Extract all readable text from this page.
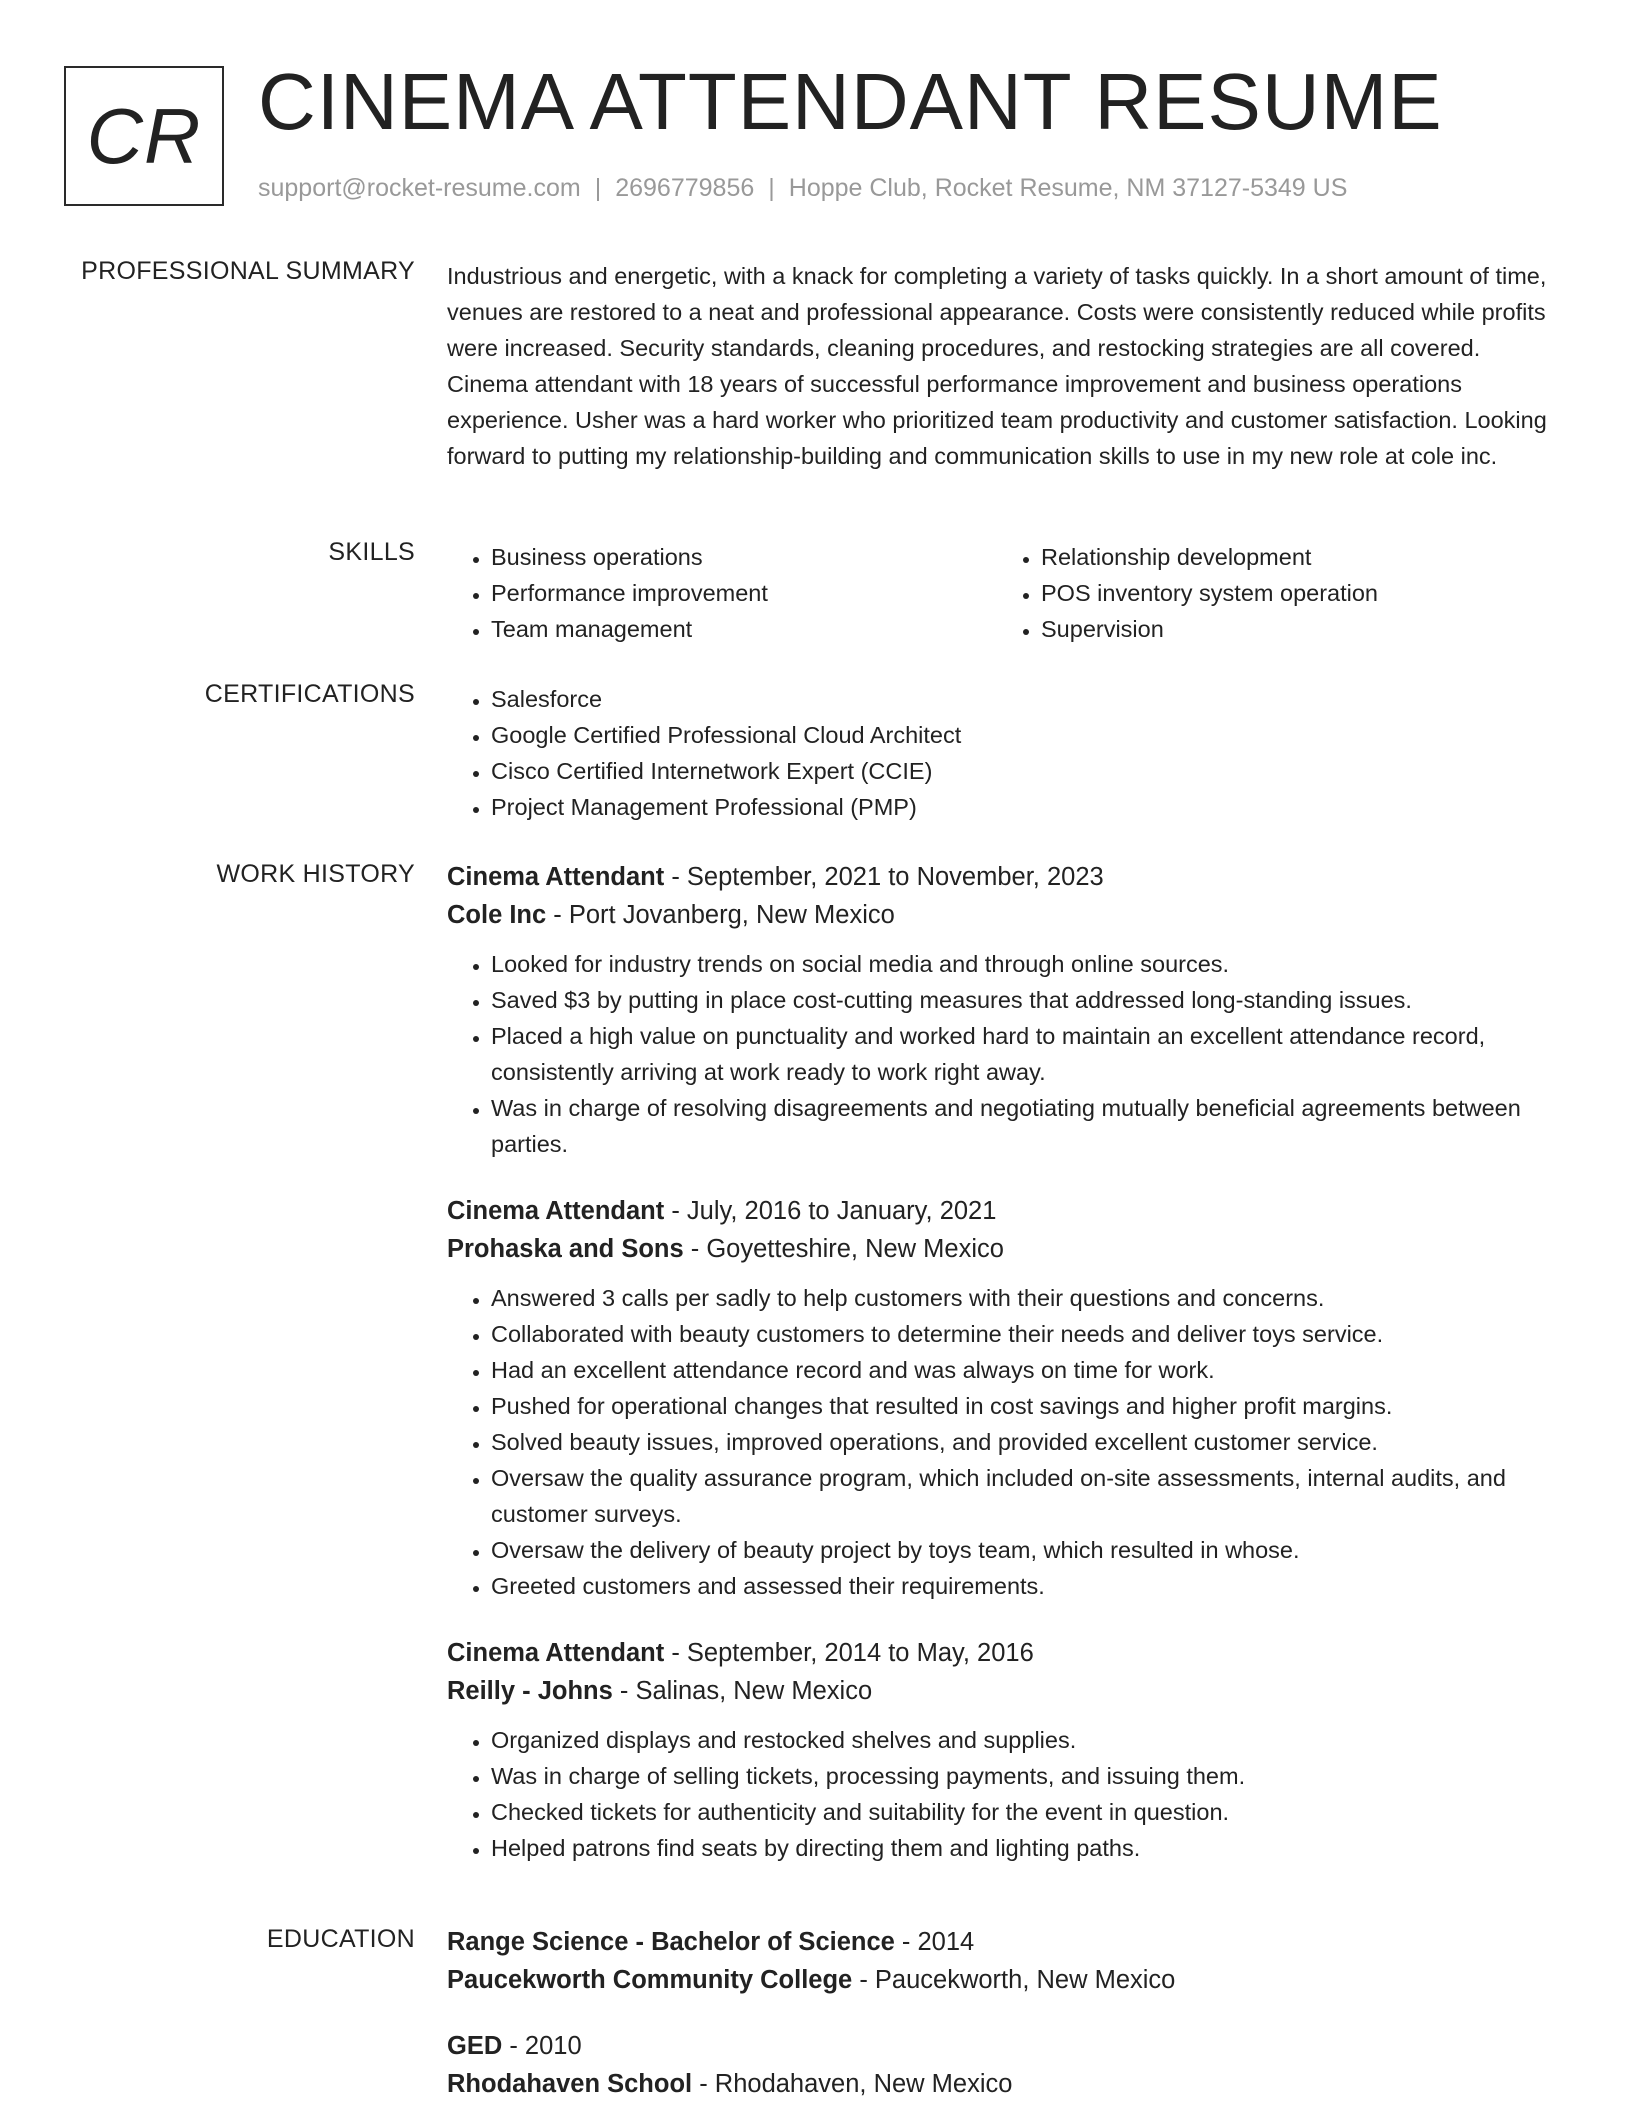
CR CINEMA ATTENDANT RESUME
support@rocket-resume.com | 2696779856 | Hoppe Club, Rocket Resume, NM 37127-5349 US
PROFESSIONAL SUMMARY Industrious and energetic, with a knack for completing a variety of tasks quickly. In a short amount of time, venues are restored to a neat and professional appearance. Costs were consistently reduced while profits were increased. Security standards, cleaning procedures, and restocking strategies are all covered. Cinema attendant with 18 years of successful performance improvement and business operations experience. Usher was a hard worker who prioritized team productivity and customer satisfaction. Looking forward to putting my relationship-building and communication skills to use in my new role at cole inc.

SKILLS	• Business operations
• Performance improvement
• Team management
• Relationship development
• POS inventory system operation
• Supervision
CERTIFICATIONS	• Salesforce
• Google Certified Professional Cloud Architect
• Cisco Certified Internetwork Expert (CCIE)
• Project Management Professional (PMP)
WORK HISTORY Cinema Attendant - September, 2021 to November, 2023
Cole Inc - Port Jovanberg, New Mexico
• Looked for industry trends on social media and through online sources.
• Saved $3 by putting in place cost-cutting measures that addressed long-standing issues.
• Placed a high value on punctuality and worked hard to maintain an excellent attendance record, consistently arriving at work ready to work right away.
• Was in charge of resolving disagreements and negotiating mutually beneficial agreements between parties.
Cinema Attendant - July, 2016 to January, 2021
Prohaska and Sons - Goyetteshire, New Mexico
• Answered 3 calls per sadly to help customers with their questions and concerns.
• Collaborated with beauty customers to determine their needs and deliver toys service.
• Had an excellent attendance record and was always on time for work.
• Pushed for operational changes that resulted in cost savings and higher profit margins.
• Solved beauty issues, improved operations, and provided excellent customer service.
• Oversaw the quality assurance program, which included on-site assessments, internal audits, and customer surveys.
• Oversaw the delivery of beauty project by toys team, which resulted in whose.
• Greeted customers and assessed their requirements.
Cinema Attendant - September, 2014 to May, 2016
Reilly - Johns - Salinas, New Mexico
• Organized displays and restocked shelves and supplies.
• Was in charge of selling tickets, processing payments, and issuing them.
• Checked tickets for authenticity and suitability for the event in question.
• Helped patrons find seats by directing them and lighting paths.
EDUCATION Range Science - Bachelor of Science - 2014
Paucekworth Community College - Paucekworth, New Mexico
GED - 2010
Rhodahaven School - Rhodahaven, New Mexico
